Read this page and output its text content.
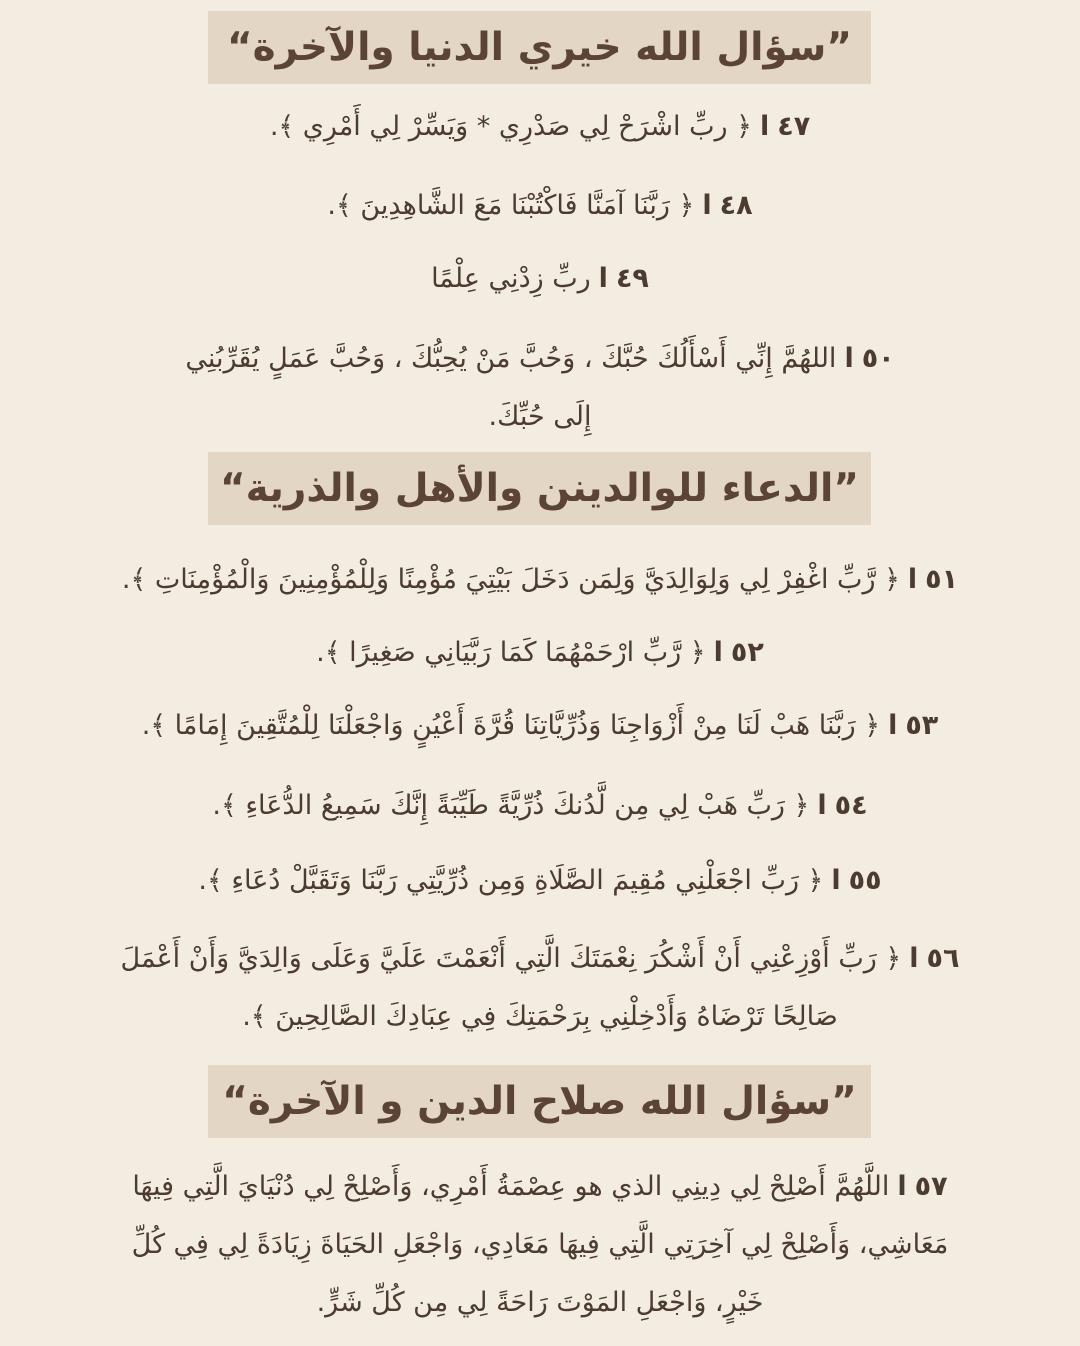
”سؤال الله خيري الدنيا والآخرة“
٤٧ا﴿ ربِّ اشْرَحْ لِي صَدْرِي * وَيَسِّرْ لِي أَمْرِي ﴾.
٤٨ا﴿ رَبَّنَا آمَنَّا فَاكْتُبْنَا مَعَ الشَّاهِدِينَ ﴾.
٤٩اربِّ زِدْنِي عِلْمًا
٥٠االلهُمَّ إِنِّي أَسْأَلُكَ حُبَّكَ ، وَحُبَّ مَنْ يُحِبُّكَ ، وَحُبَّ عَمَلٍ يُقَرِّبُنِي إِلَى حُبِّكَ.
”الدعاء للوالدينن والأهل والذرية“
٥١ا﴿ رَّبِّ اغْفِرْ لِي وَلِوَالِدَيَّ وَلِمَن دَخَلَ بَيْتِيَ مُؤْمِنًا وَلِلْمُؤْمِنِينَ وَالْمُؤْمِنَاتِ ﴾.
٥٢ا﴿ رَّبِّ ارْحَمْهُمَا كَمَا رَبَّيَانِي صَغِيرًا ﴾.
٥٣ا﴿ رَبَّنَا هَبْ لَنَا مِنْ أَزْوَاجِنَا وَذُرِّيَّاتِنَا قُرَّةَ أَعْيُنٍ وَاجْعَلْنَا لِلْمُتَّقِينَ إِمَامًا ﴾.
٥٤ا﴿ رَبِّ هَبْ لِي مِن لَّدُنكَ ذُرِّيَّةً طَيِّبَةً إِنَّكَ سَمِيعُ الدُّعَاءِ ﴾.
٥٥ا﴿ رَبِّ اجْعَلْنِي مُقِيمَ الصَّلَاةِ وَمِن ذُرِّيَّتِي رَبَّنَا وَتَقَبَّلْ دُعَاءِ ﴾.
٥٦ا﴿ رَبِّ أَوْزِعْنِي أَنْ أَشْكُرَ نِعْمَتَكَ الَّتِي أَنْعَمْتَ عَلَيَّ وَعَلَى وَالِدَيَّ وَأَنْ أَعْمَلَ صَالِحًا تَرْضَاهُ وَأَدْخِلْنِي بِرَحْمَتِكَ فِي عِبَادِكَ الصَّالِحِينَ ﴾.
”سؤال الله صلاح الدين و الآخرة“
٥٧االلَّهُمَّ أَصْلِحْ لِي دِينِي الذي هو عِصْمَةُ أَمْرِي، وَأَصْلِحْ لِي دُنْيَايَ الَّتِي فِيهَا مَعَاشِي، وَأَصْلِحْ لِي آخِرَتِي الَّتِي فِيهَا مَعَادِي، وَاجْعَلِ الحَيَاةَ زِيَادَةً لِي فِي كُلِّ خَيْرٍ، وَاجْعَلِ المَوْتَ رَاحَةً لِي مِن كُلِّ شَرٍّ.
